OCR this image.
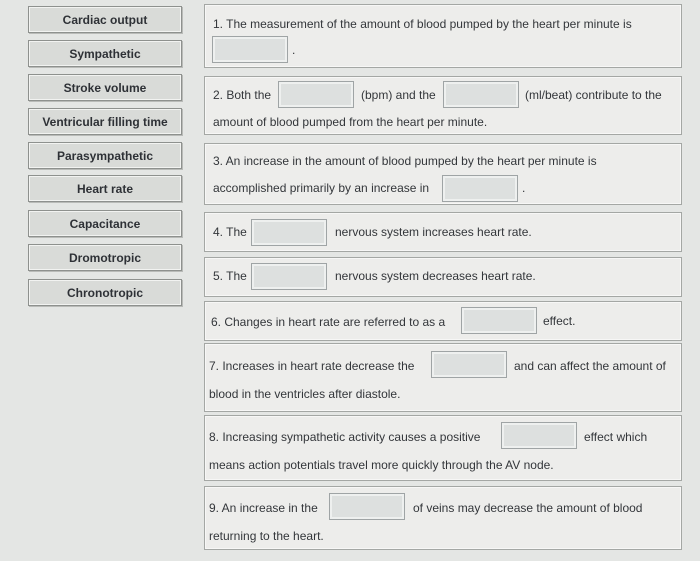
Cardiac output
Sympathetic
Stroke volume
Ventricular filling time
Parasympathetic
Heart rate
Capacitance
Dromotropic
Chronotropic
1. The measurement of the amount of blood pumped by the heart per minute is
.
2. Both the	(bpm) and the	(ml/beat) contribute to the
amount of blood pumped from the heart per minute.
3. An increase in the amount of blood pumped by the heart per minute is
accomplished primarily by an increase in	.
4. The	nervous system increases heart rate.
5. The	nervous system decreases heart rate.
6. Changes in heart rate are referred to as a	effect.
7. Increases in heart rate decrease the	and can affect the amount of
blood in the ventricles after diastole.
8. Increasing sympathetic activity causes a positive	effect which
means action potentials travel more quickly through the AV node.
9. An increase in the	of veins may decrease the amount of blood
returning to the heart.
